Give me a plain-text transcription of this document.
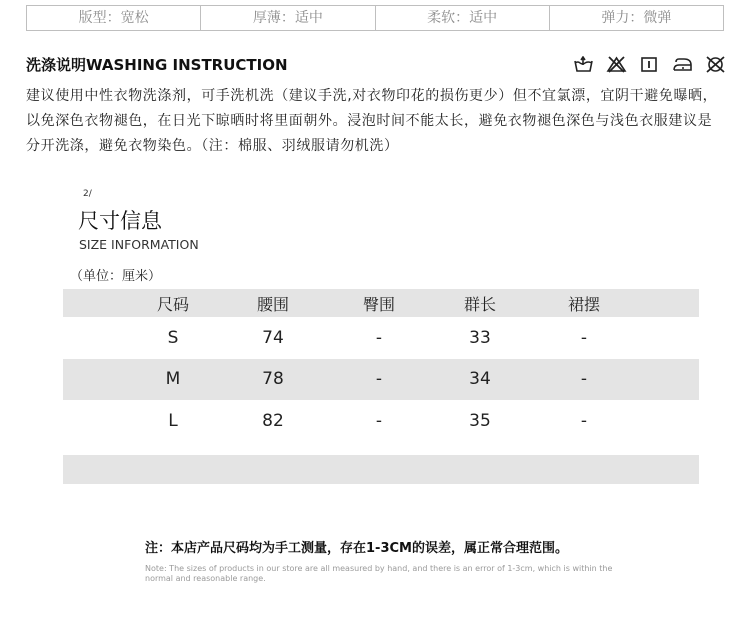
版型：宽松	厚薄：适中	柔软：适中	弹力：微弹
洗涤说明WASHING INSTRUCTION
建议使用中性衣物洗涤剂，可手洗机洗（建议手洗,对衣物印花的损伤更少）但不宜氯漂，宜阴干避免曝晒，以免深色衣物褪色，在日光下晾晒时将里面朝外。浸泡时间不能太长，避免衣物褪色深色与浅色衣服建议是分开洗涤，避免衣物染色。（注：棉服、羽绒服请勿机洗）
2/
尺寸信息
SIZE INFORMATION
（单位：厘米）
尺码	腰围	臀围	群长	裙摆
S	74	-	33	-
M	78	-	34	-
L	82	-	35	-
注：本店产品尺码均为手工测量，存在1-3CM的误差，属正常合理范围。
Note: The sizes of products in our store are all measured by hand, and there is an error of 1-3cm, which is within the normal and reasonable range.
